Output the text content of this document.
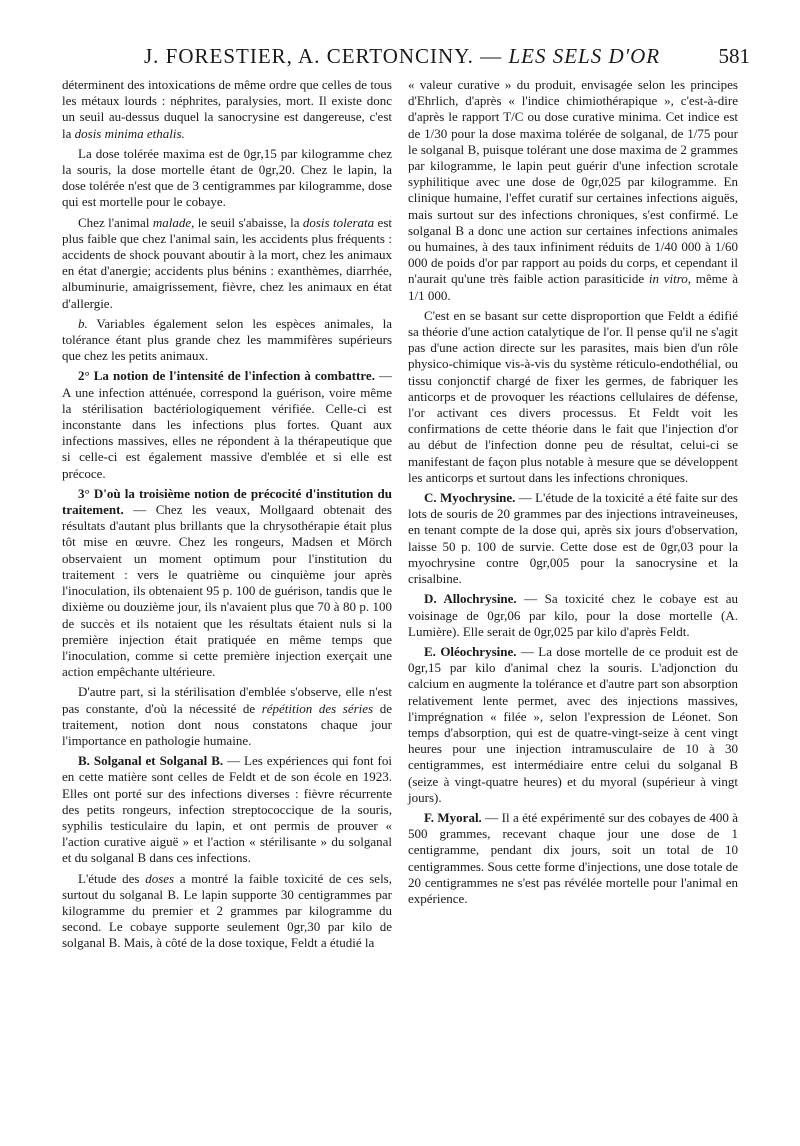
J. FORESTIER, A. CERTONCINY. — LES SELS D'OR	581

déterminent des intoxications de même ordre que celles de tous les métaux lourds : néphrites, paralysies, mort. Il existe donc un seuil au-dessus duquel la sanocrysine est dangereuse, c'est la dosis minima ethalis.

La dose tolérée maxima est de 0gr,15 par kilogramme chez la souris, la dose mortelle étant de 0gr,20. Chez le lapin, la dose tolérée n'est que de 3 centigrammes par kilogramme, dose qui est mortelle pour le cobaye.

Chez l'animal malade, le seuil s'abaisse, la dosis tolerata est plus faible que chez l'animal sain, les accidents plus fréquents : accidents de shock pouvant aboutir à la mort, chez les animaux en état d'anergie; accidents plus bénins : exanthèmes, diarrhée, albuminurie, amaigrissement, fièvre, chez les animaux en état d'allergie.

b. Variables également selon les espèces animales, la tolérance étant plus grande chez les mammifères supérieurs que chez les petits animaux.

2° La notion de l'intensité de l'infection à combattre. — A une infection atténuée, correspond la guérison, voire même la stérilisation bactériologiquement vérifiée. Celle-ci est inconstante dans les infections plus fortes. Quant aux infections massives, elles ne répondent à la thérapeutique que si celle-ci est également massive d'emblée et si elle est précoce.

3° D'où la troisième notion de précocité d'institution du traitement. — Chez les veaux, Mollgaard obtenait des résultats d'autant plus brillants que la chrysothérapie était plus tôt mise en œuvre. Chez les rongeurs, Madsen et Mörch observaient un moment optimum pour l'institution du traitement : vers le quatrième ou cinquième jour après l'inoculation, ils obtenaient 95 p. 100 de guérison, tandis que le dixième ou douzième jour, ils n'avaient plus que 70 à 80 p. 100 de succès et ils notaient que les résultats étaient nuls si la première injection était pratiquée en même temps que l'inoculation, comme si cette première injection exerçait une action empêchante ultérieure.

D'autre part, si la stérilisation d'emblée s'observe, elle n'est pas constante, d'où la nécessité de répétition des séries de traitement, notion dont nous constatons chaque jour l'importance en pathologie humaine.

B. Solganal et Solganal B. — Les expériences qui font foi en cette matière sont celles de Feldt et de son école en 1923. Elles ont porté sur des infections diverses : fièvre récurrente des petits rongeurs, infection streptococcique de la souris, syphilis testiculaire du lapin, et ont permis de prouver « l'action curative aiguë » et l'action « stérilisante » du solganal et du solganal B dans ces infections.

L'étude des doses a montré la faible toxicité de ces sels, surtout du solganal B. Le lapin supporte 30 centigrammes par kilogramme du premier et 2 grammes par kilogramme du second. Le cobaye supporte seulement 0gr,30 par kilo de solganal B. Mais, à côté de la dose toxique, Feldt a étudié la

« valeur curative » du produit, envisagée selon les principes d'Ehrlich, d'après « l'indice chimiothérapique », c'est-à-dire d'après le rapport T/C ou dose curative minima. Cet indice est de 1/30 pour la dose maxima tolérée de solganal, de 1/75 pour le solganal B, puisque tolérant une dose maxima de 2 grammes par kilogramme, le lapin peut guérir d'une infection scrotale syphilitique avec une dose de 0gr,025 par kilogramme. En clinique humaine, l'effet curatif sur certaines infections aiguës, mais surtout sur des infections chroniques, s'est confirmé. Le solganal B a donc une action sur certaines infections animales ou humaines, à des taux infiniment réduits de 1/40 000 à 1/60 000 de poids d'or par rapport au poids du corps, et cependant il n'aurait qu'une très faible action parasiticide in vitro, même à 1/1 000.

C'est en se basant sur cette disproportion que Feldt a édifié sa théorie d'une action catalytique de l'or. Il pense qu'il ne s'agit pas d'une action directe sur les parasites, mais bien d'un rôle physico-chimique vis-à-vis du système réticulo-endothélial, ou tissu conjonctif chargé de fixer les germes, de fabriquer les anticorps et de provoquer les réactions cellulaires de défense, l'or activant ces divers processus. Et Feldt voit les confirmations de cette théorie dans le fait que l'injection d'or au début de l'infection donne peu de résultat, celui-ci se manifestant de façon plus notable à mesure que se développent les anticorps et surtout dans les infections chroniques.

C. Myochrysine. — L'étude de la toxicité a été faite sur des lots de souris de 20 grammes par des injections intraveineuses, en tenant compte de la dose qui, après six jours d'observation, laisse 50 p. 100 de survie. Cette dose est de 0gr,03 pour la myochrysine contre 0gr,005 pour la sanocrysine et la crisalbine.

D. Allochrysine. — Sa toxicité chez le cobaye est au voisinage de 0gr,06 par kilo, pour la dose mortelle (A. Lumière). Elle serait de 0gr,025 par kilo d'après Feldt.

E. Oléochrysine. — La dose mortelle de ce produit est de 0gr,15 par kilo d'animal chez la souris. L'adjonction du calcium en augmente la tolérance et d'autre part son absorption relativement lente permet, avec des injections massives, l'imprégnation « filée », selon l'expression de Léonet. Son temps d'absorption, qui est de quatre-vingt-seize à cent vingt heures pour une injection intramusculaire de 10 à 30 centigrammes, est intermédiaire entre celui du solganal B (seize à vingt-quatre heures) et du myoral (supérieur à vingt jours).

F. Myoral. — Il a été expérimenté sur des cobayes de 400 à 500 grammes, recevant chaque jour une dose de 1 centigramme, pendant dix jours, soit un total de 10 centigrammes. Sous cette forme d'injections, une dose totale de 20 centigrammes ne s'est pas révélée mortelle pour l'animal en expérience.
